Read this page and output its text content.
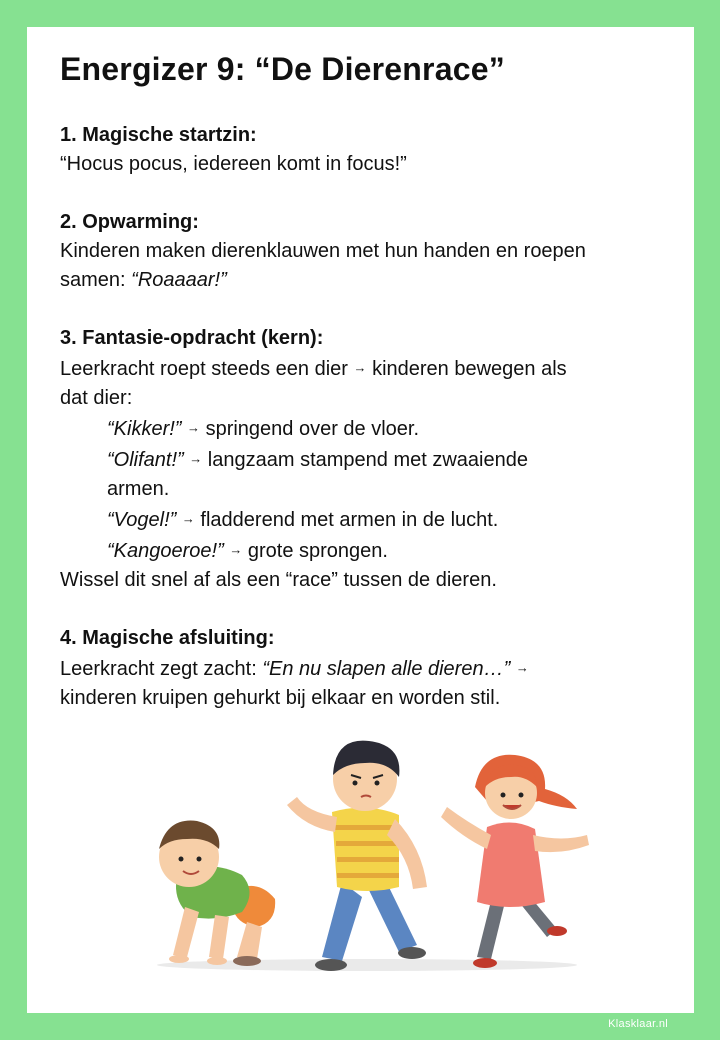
Energizer 9: “De Dierenrace”
1. Magische startzin:
“Hocus pocus, iedereen komt in focus!”
2. Opwarming:
Kinderen maken dierenklauwen met hun handen en roepen
samen: “Roaaaar!”
3. Fantasie-opdracht (kern):
Leerkracht roept steeds een dier → kinderen bewegen als
dat dier:
“Kikker!” → springend over de vloer.
“Olifant!” → langzaam stampend met zwaaiende
armen.
“Vogel!” → fladderend met armen in de lucht.
“Kangoeroe!” → grote sprongen.
Wissel dit snel af als een “race” tussen de dieren.
4. Magische afsluiting:
Leerkracht zegt zacht: “En nu slapen alle dieren…” →
kinderen kruipen gehurkt bij elkaar en worden stil.
Klasklaar.nl
